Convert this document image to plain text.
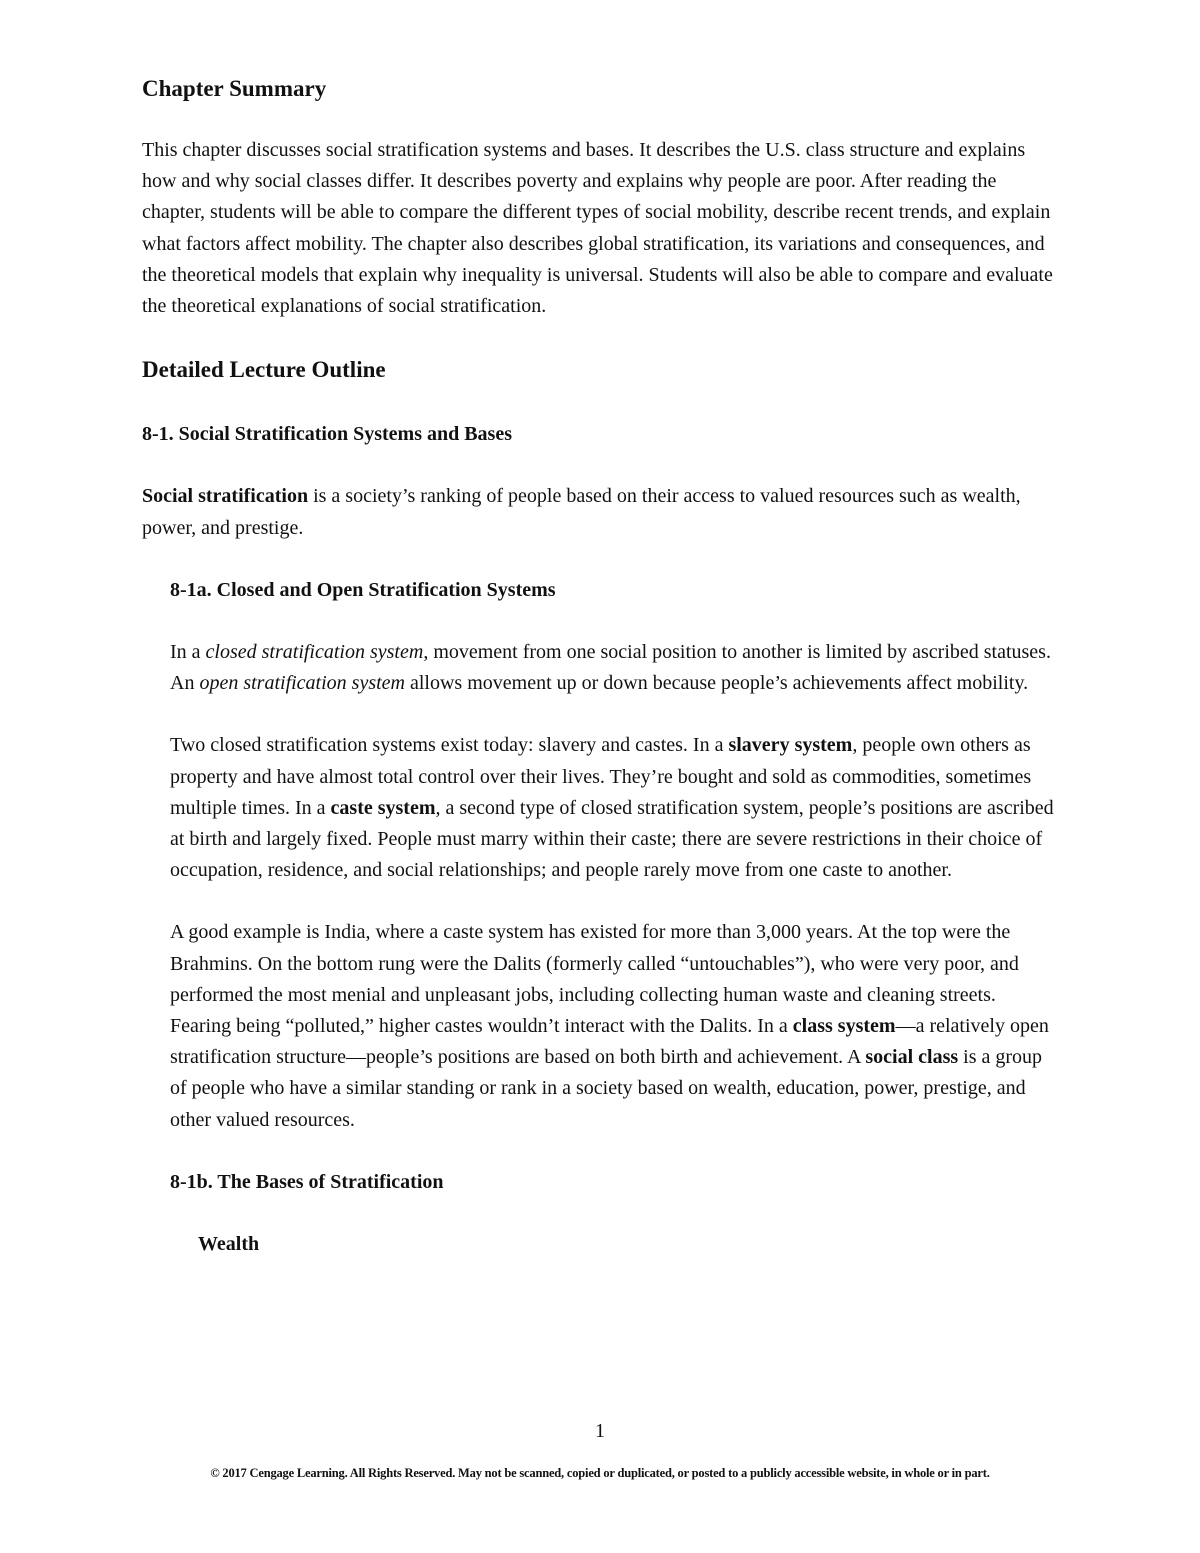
Chapter Summary

This chapter discusses social stratification systems and bases. It describes the U.S. class structure and explains how and why social classes differ. It describes poverty and explains why people are poor. After reading the chapter, students will be able to compare the different types of social mobility, describe recent trends, and explain what factors affect mobility. The chapter also describes global stratification, its variations and consequences, and the theoretical models that explain why inequality is universal. Students will also be able to compare and evaluate the theoretical explanations of social stratification.

Detailed Lecture Outline

8-1. Social Stratification Systems and Bases

Social stratification is a society’s ranking of people based on their access to valued resources such as wealth, power, and prestige.

8-1a. Closed and Open Stratification Systems

In a closed stratification system, movement from one social position to another is limited by ascribed statuses. An open stratification system allows movement up or down because people’s achievements affect mobility.

Two closed stratification systems exist today: slavery and castes. In a slavery system, people own others as property and have almost total control over their lives. They’re bought and sold as commodities, sometimes multiple times. In a caste system, a second type of closed stratification system, people’s positions are ascribed at birth and largely fixed. People must marry within their caste; there are severe restrictions in their choice of occupation, residence, and social relationships; and people rarely move from one caste to another.

A good example is India, where a caste system has existed for more than 3,000 years. At the top were the Brahmins. On the bottom rung were the Dalits (formerly called “untouchables”), who were very poor, and performed the most menial and unpleasant jobs, including collecting human waste and cleaning streets. Fearing being “polluted,” higher castes wouldn’t interact with the Dalits. In a class system—a relatively open stratification structure—people’s positions are based on both birth and achievement. A social class is a group of people who have a similar standing or rank in a society based on wealth, education, power, prestige, and other valued resources.

8-1b. The Bases of Stratification

Wealth

1
© 2017 Cengage Learning. All Rights Reserved. May not be scanned, copied or duplicated, or posted to a publicly accessible website, in whole or in part.
